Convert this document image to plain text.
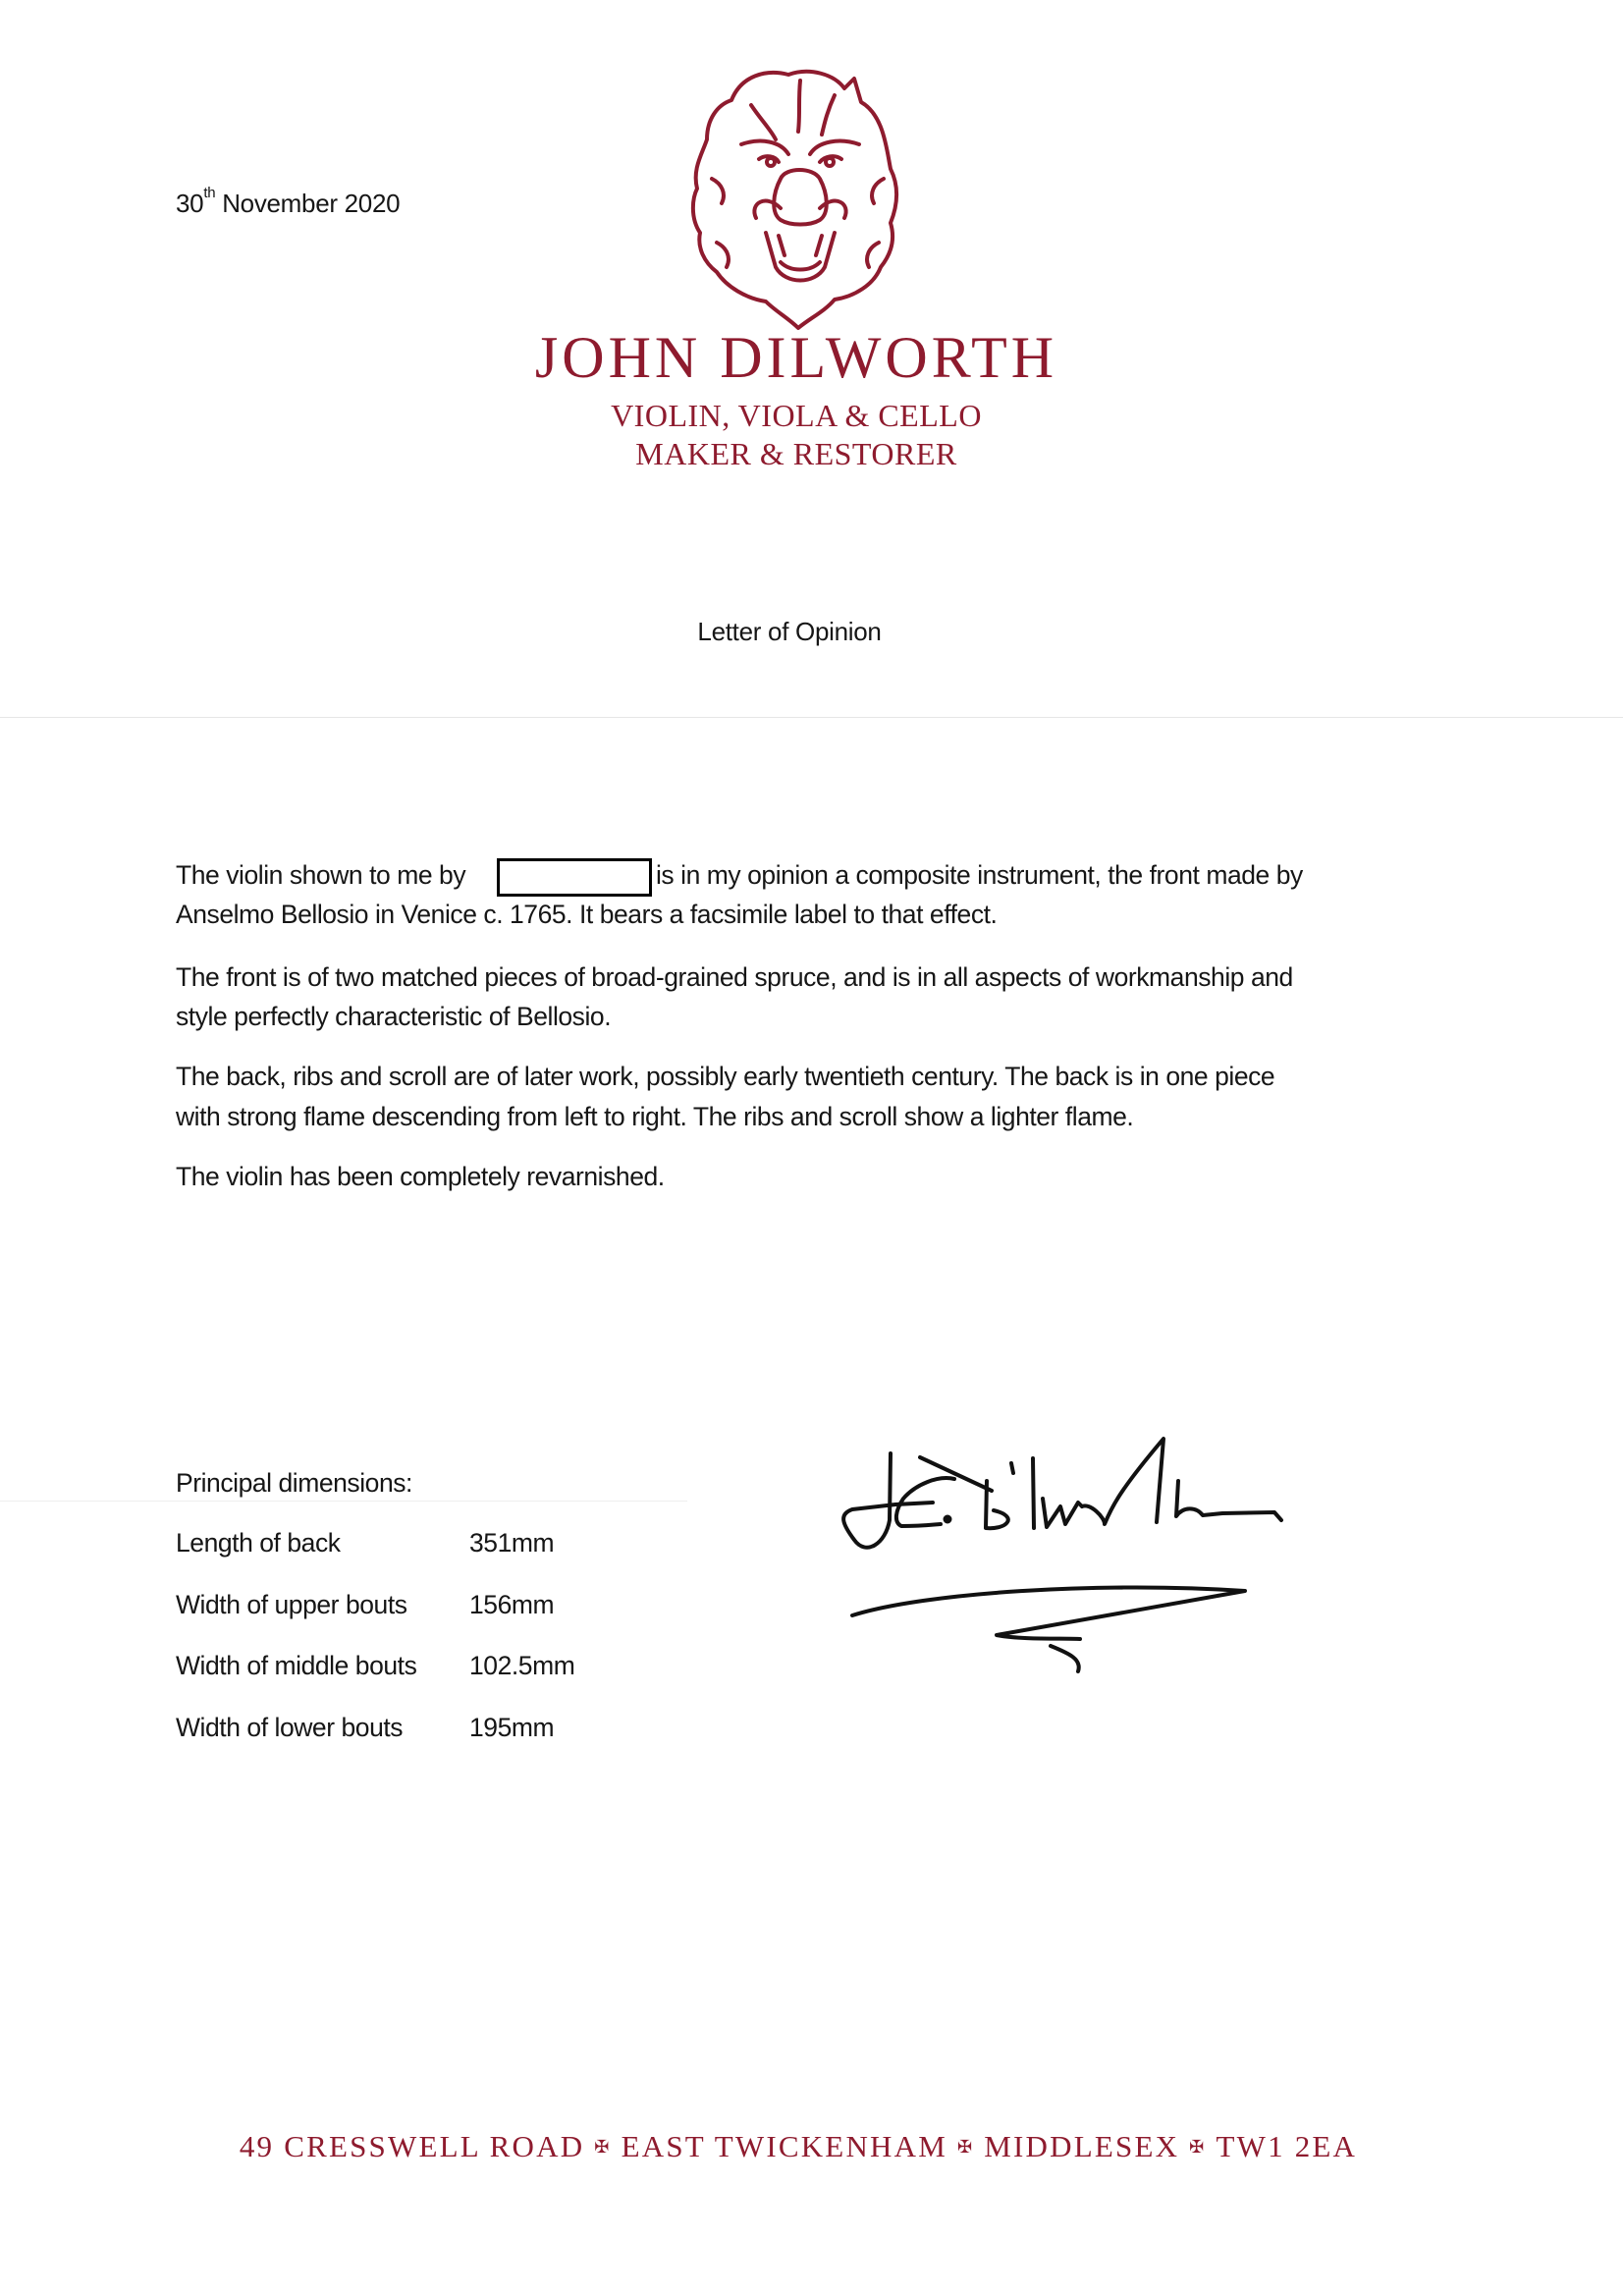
30th November 2020
JOHN DILWORTH
VIOLIN, VIOLA & CELLO
MAKER & RESTORER
Letter of Opinion
The violin shown to me by	is in my opinion a composite instrument, the front made by
Anselmo Bellosio in Venice c. 1765. It bears a facsimile label to that effect.
The front is of two matched pieces of broad-grained spruce, and is in all aspects of workmanship and
style perfectly characteristic of Bellosio.
The back, ribs and scroll are of later work, possibly early twentieth century. The back is in one piece
with strong flame descending from left to right. The ribs and scroll show a lighter flame.
The violin has been completely revarnished.
Principal dimensions:
Length of back	351mm
Width of upper bouts 156mm
Width of middle bouts 102.5mm
Width of lower bouts	195mm
49 CRESSWELL ROAD ✠ EAST TWICKENHAM ✠ MIDDLESEX ✠ TW1 2EA
